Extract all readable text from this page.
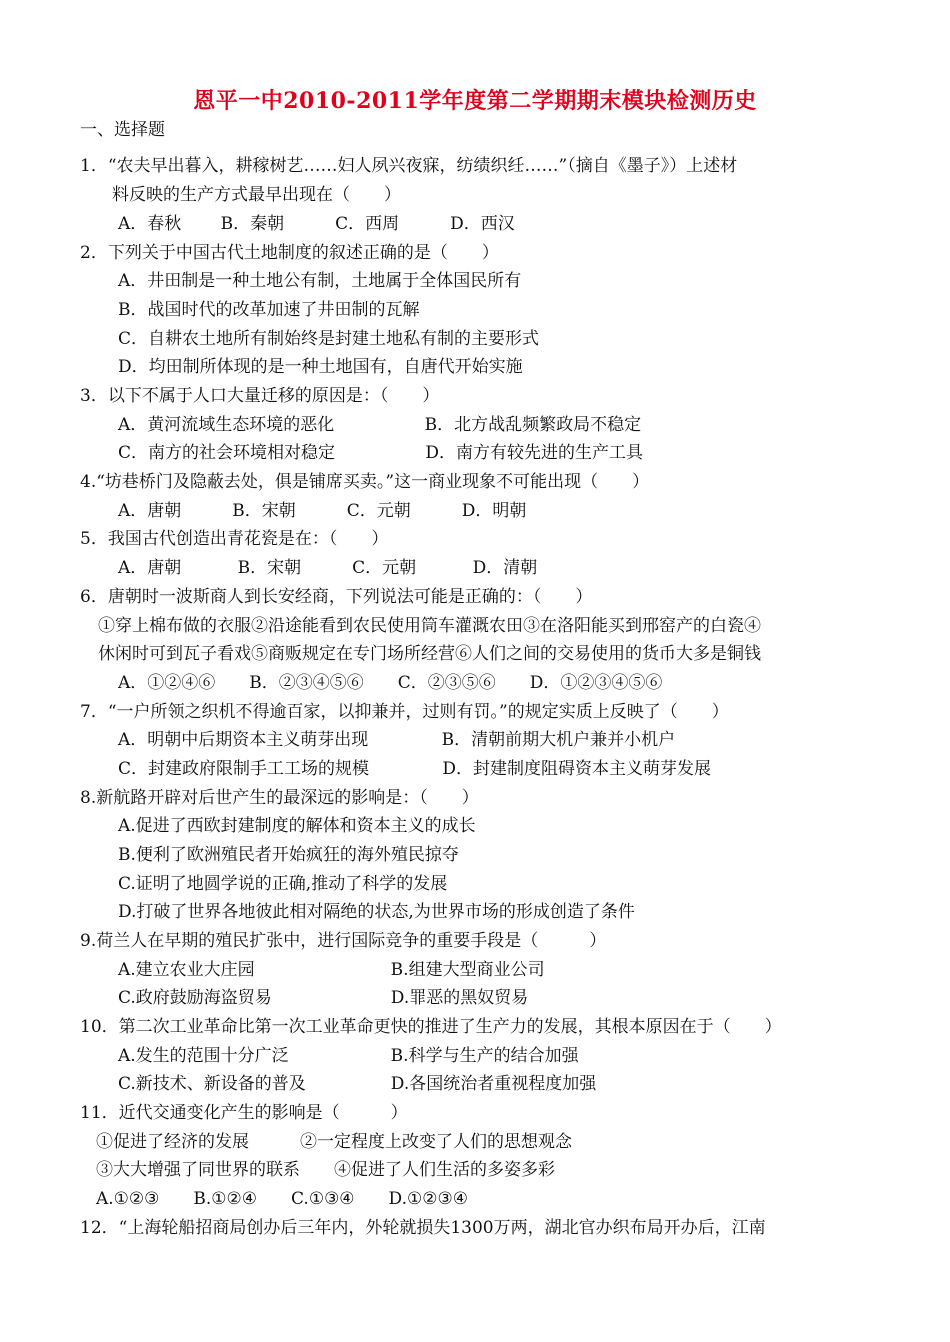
恩平一中2010-2011学年度第二学期期末模块检测历史
一、选择题
1．“农夫早出暮入，耕稼树艺……妇人夙兴夜寐，纺绩织纴……”（摘自《墨子》）上述材
料反映的生产方式最早出现在（　　）
A．春秋　　 B．秦朝　　　C．西周　　　D．西汉
2．下列关于中国古代土地制度的叙述正确的是（　　）
A．井田制是一种土地公有制，土地属于全体国民所有
B．战国时代的改革加速了井田制的瓦解
C．自耕农土地所有制始终是封建土地私有制的主要形式
D．均田制所体现的是一种土地国有，自唐代开始实施
3．以下不属于人口大量迁移的原因是：（　　）
A．黄河流域生态环境的恶化　　　　　 B．北方战乱频繁政局不稳定
C．南方的社会环境相对稳定　　　　　 D．南方有较先进的生产工具
4.“坊巷桥门及隐蔽去处，俱是铺席买卖。”这一商业现象不可能出现（　　）
A．唐朝　　　B．宋朝　　　C．元朝　　　D．明朝
5．我国古代创造出青花瓷是在：（　　）
A．唐朝　　　 B．宋朝　　　C．元朝　　　 D．清朝
6．唐朝时一波斯商人到长安经商，下列说法可能是正确的：（　　）
①穿上棉布做的衣服②沿途能看到农民使用筒车灌溉农田③在洛阳能买到邢窑产的白瓷④
休闲时可到瓦子看戏⑤商贩规定在专门场所经营⑥人们之间的交易使用的货币大多是铜钱
A．①②④⑥　　B．②③④⑤⑥　　C．②③⑤⑥　　D．①②③④⑤⑥
7．“一户所领之织机不得逾百家，以抑兼并，过则有罚。”的规定实质上反映了（　　）
A．明朝中后期资本主义萌芽出现　　　　 B．清朝前期大机户兼并小机户
C．封建政府限制手工工场的规模　　　　 D．封建制度阻碍资本主义萌芽发展
8.新航路开辟对后世产生的最深远的影响是：（　　）
A.促进了西欧封建制度的解体和资本主义的成长
B.便利了欧洲殖民者开始疯狂的海外殖民掠夺
C.证明了地圆学说的正确,推动了科学的发展
D.打破了世界各地彼此相对隔绝的状态,为世界市场的形成创造了条件
9.荷兰人在早期的殖民扩张中，进行国际竞争的重要手段是（　　　）
A.建立农业大庄园　　　　　　　　B.组建大型商业公司
C.政府鼓励海盗贸易　　　　　　　D.罪恶的黑奴贸易
10．第二次工业革命比第一次工业革命更快的推进了生产力的发展，其根本原因在于（　　）
A.发生的范围十分广泛　　　　　　B.科学与生产的结合加强
C.新技术、新设备的普及　　　　　D.各国统治者重视程度加强
11．近代交通变化产生的影响是（　　　）
①促进了经济的发展　　　②一定程度上改变了人们的思想观念
③大大增强了同世界的联系　　④促进了人们生活的多姿多彩
A.①②③　　B.①②④　　C.①③④　　D.①②③④
12．“上海轮船招商局创办后三年内，外轮就损失1300万两，湖北官办织布局开办后，江南
